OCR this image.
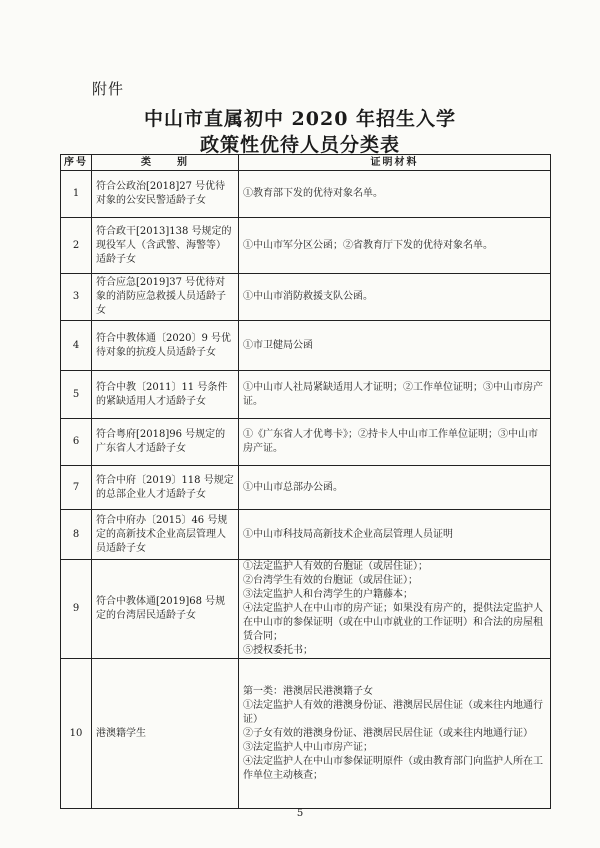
附件
中山市直属初中 2020 年招生入学
政策性优待人员分类表
序号	类　　别	证明材料
1	符合公政治[2018]27 号优待对象的公安民警适龄子女	①教育部下发的优待对象名单。

2	符合政干[2013]138 号规定的现役军人（含武警、海警等）适龄子女	①中山市军分区公函；②省教育厅下发的优待对象名单。

3	符合应急[2019]37 号优待对象的消防应急救援人员适龄子女	①中山市消防救援支队公函。

4	符合中教体通〔2020〕9 号优待对象的抗疫人员适龄子女	①市卫健局公函

5	符合中教〔2011〕11 号条件的紧缺适用人才适龄子女	①中山市人社局紧缺适用人才证明；②工作单位证明；③中山市房产证。

6	符合粤府[2018]96 号规定的广东省人才适龄子女	①《广东省人才优粤卡》；②持卡人中山市工作单位证明；③中山市房产证。

7	符合中府〔2019〕118 号规定的总部企业人才适龄子女	①中山市总部办公函。

8	符合中府办〔2015〕46 号规定的高新技术企业高层管理人员适龄子女	①中山市科技局高新技术企业高层管理人员证明

9	符合中教体通[2019]68 号规定的台湾居民适龄子女	①法定监护人有效的台胞证（或居住证）；
②台湾学生有效的台胞证（或居住证）；
③法定监护人和台湾学生的户籍藤本；
④法定监护人在中山市的房产证；如果没有房产的，提供法定监护人在中山市的参保证明（或在中山市就业的工作证明）和合法的房屋租赁合同；
⑤授权委托书；

10	港澳籍学生	第一类：港澳居民港澳籍子女
①法定监护人有效的港澳身份证、港澳居民居住证（或来往内地通行证）
②子女有效的港澳身份证、港澳居民居住证（或来往内地通行证）
③法定监护人中山市房产证；
④法定监护人在中山市参保证明原件（或由教育部门向监护人所在工作单位主动核查；
5
